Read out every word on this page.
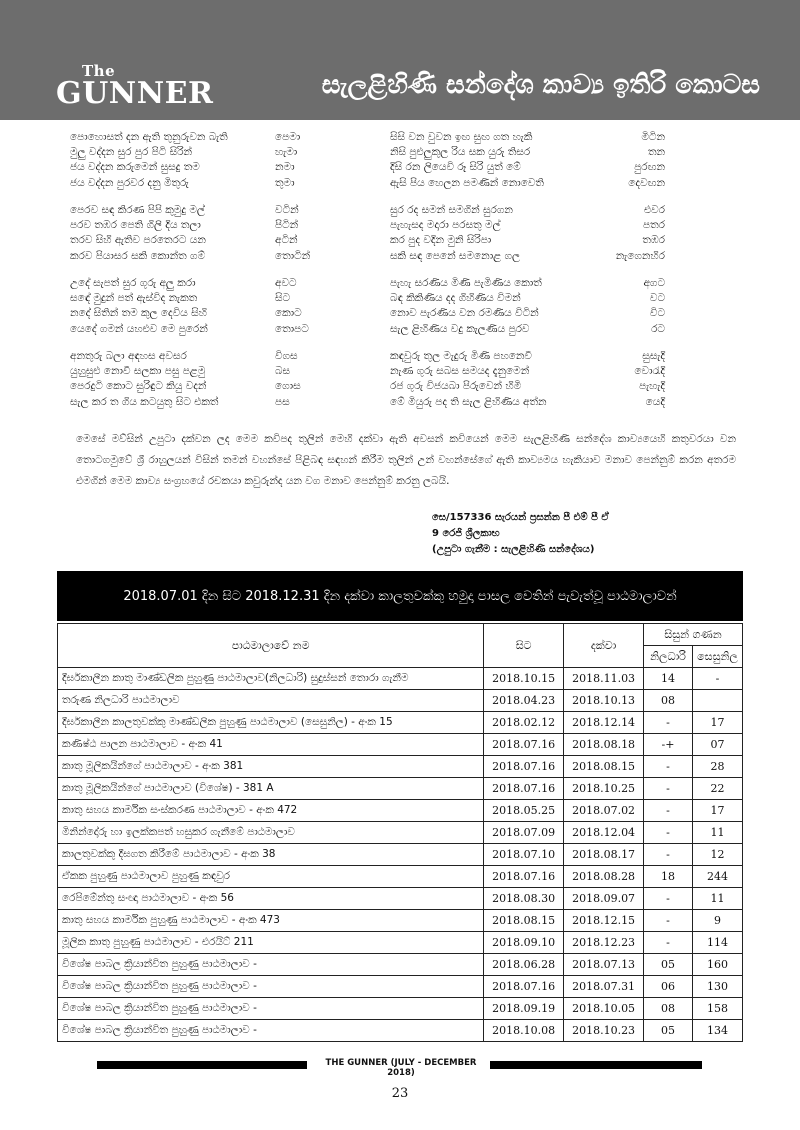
The
GUNNER	සැලළිහිණි සන්දේශ කාව්‍ය ඉතිරි කොටස
පොහොසත් දන ඇති තුනුරුවන බැති	පෙමා	සිසි වන වුවන ඉඟ සුඟ ගත හැකි	මිටින
මුලු වද්දන සුර පුර පිටි සිරින්	හැමා	නිසි පුළුලුකුල රිය සක යුරු තිසර	තන
ජය වද්දන කරුමෙන් සුසදු තම	නමා	දිසි රන ලියෙවි රූ සිරි යුත් මේ	පුරඟන
ජය වද්දන පුරවර දනු මිතුරු	තුමා	ඇසි පිය හෙලන පමණින් නොවෙති	දෙවඟන
පෙරව සඳ කිරණ පිපි කුමුදු මල්	වටින්	සුර රද සමන් සමගින් සුරගන	එවර
පරව තඹර පෙති ගිලි දිය තලා	පිටින්	පැහැසද මදාරා පරසතු මල්	පතර
තරව සිහි ඇතිව පරතෙරට යන	අටින්	කර පුද වදින මුනි සිරිපා	තඹර
කරව පියාසර සකි කොන්ත ගම්	තොටින්	සකි සඳ පෙනේ සමනොළ ගල	නැගෙනහිර
උදේ සැපත් සුර ගුරු අලු කරා	අවට	පැහැ සරණිය මිණි පැමිණිය කොත්	අගට
සඳේ මුදුන් පත් ඇස්විද නැකත	සිට	බඳ කිකිණිය දද ගිහිණිය විමන්	වට
නදේ සිතින් තම කුල දෙවිය සිහි	කොට	නොව පැරණිය වන රමණිය විටින්	විට
යෙදේ ගමන් යහළුව මෙ පුරෙන්	තොපට	සැල ළිහිණිය වදු කැලණිය පුරව	රට
අනතුරු බලා අඳහස අවසර	විගස	කඳවුරු තුල මැදුරු මිණි පහනෙවී	සුසැදි
යුහුසුළු නොවී සලකා පසු පළමු	බස	නැණ ගුරු සබස සමයද දැනුමෙන්	වොරැදි
පෙරදුටි කොට සුරිඳුට කියු වදන්	ගොස	රජ ගුරු විජයබා පිරුවෙන් හිමි	පැහැදි
සැල කර ත ගිය කටයුතු සිට එකත්	පස	මේ මියුරු පද ති සැල ළිහිණිය අත්න	යෙදි
මෙසේ මව්සින් උපුටා දක්වන ලද මෙම කවිපද තුලින් මෙහි දක්වා ඇති අවසන් කවියෙන් මෙම සැලළිහිණි සන්දේශ කාව්‍යයෙහි කතුවරයා වන තොටගමුවේ ශ්‍රී රාහුලයන් විසින් තමන් වහන්සේ පිළිබඳ සඳහන් කිරීම තුලින් උන් වහන්සේගේ ඇති කාව්‍යමය හැකියාව මනාව පෙන්නුම් කරන අතරම එමගින් මෙම කාව්‍ය සංග්‍රහයේ රචකයා කවුරුන්ද යන වග මනාව පෙන්නුම් කරනු ලබයි.
සෙ/157336 සැරයන් ප්‍රසන්න පී එම් පී ඒ
9 රෙජි ශ්‍රීලකාභ
(උපුටා ගැනීම : සැලළිහිණි සන්දේශය)
2018.07.01 දින සිට 2018.12.31 දින දක්වා කාලතුවක්කු හමුදා පාසල වෙතින් පැවැත්වූ පාඨමාලාවන්
පාඨමාලාවේ නම	සිට	දක්වා	සිසුන් ගණන	
			නිලධාරි	සෙසුනිල
දීර්ඝකාලීන කාතු මාණ්ඩලික පුහුණු පාඨමාලාව(නිලධාරි) සුදුස්සන් තොරා ගැනීම	2018.10.15	2018.11.03	14	-
තරුණ නිලධාරි පාඨමාලාව	2018.04.23	2018.10.13	08	
දීර්ඝකාලීන කාලතුවක්කු මාණ්ඩලික පුහුණු පාඨමාලාව (සෙසුනිල) - අංක 15	2018.02.12	2018.12.14	-	17
කණිෂ්ඨ පාලන පාඨමාලාව - අංක 41	2018.07.16	2018.08.18	-+	07
කාතු මූලිකයින්ගේ පාඨමාලාව - අංක 381	2018.07.16	2018.08.15	-	28
කාතු මූලිකයින්ගේ පාඨමාලාව (විශේෂ) - 381 A	2018.07.16	2018.10.25	-	22
කාතු සහය කාර්මික සංස්කරණ පාඨමාලාව - අංක 472	2018.05.25	2018.07.02	-	17
මිනින්දෝරු හා ඉලක්කපත් හසුකර ගැනීමේ පාඨමාලාව	2018.07.09	2018.12.04	-	11
කාලතුවක්කු දීඝගත කිරීමේ පාඨමාලාව - අංක 38	2018.07.10	2018.08.17	-	12
ඒකක පුහුණු පාඨමාලාව පුහුණු කඳවුර	2018.07.16	2018.08.28	18	244
රෙපිමේන්තු සංඥා පාඨමාලාව - අංක 56	2018.08.30	2018.09.07	-	11
කාතු සහය කාර්මික පුහුණු පාඨමාලාව - අංක 473	2018.08.15	2018.12.15	-	9
මූලික කාතු පුහුණු පාඨමාලාව - එරයිට් 211	2018.09.10	2018.12.23	-	114
විශේෂ පාබල ක්‍රියාන්විත පුහුණු පාඨමාලාව -	2018.06.28	2018.07.13	05	160
විශේෂ පාබල ක්‍රියාන්විත පුහුණු පාඨමාලාව -	2018.07.16	2018.07.31	06	130
විශේෂ පාබල ක්‍රියාන්විත පුහුණු පාඨමාලාව -	2018.09.19	2018.10.05	08	158
විශේෂ පාබල ක්‍රියාන්විත පුහුණු පාඨමාලාව -	2018.10.08	2018.10.23	05	134
THE GUNNER (JULY - DECEMBER 2018)
23
